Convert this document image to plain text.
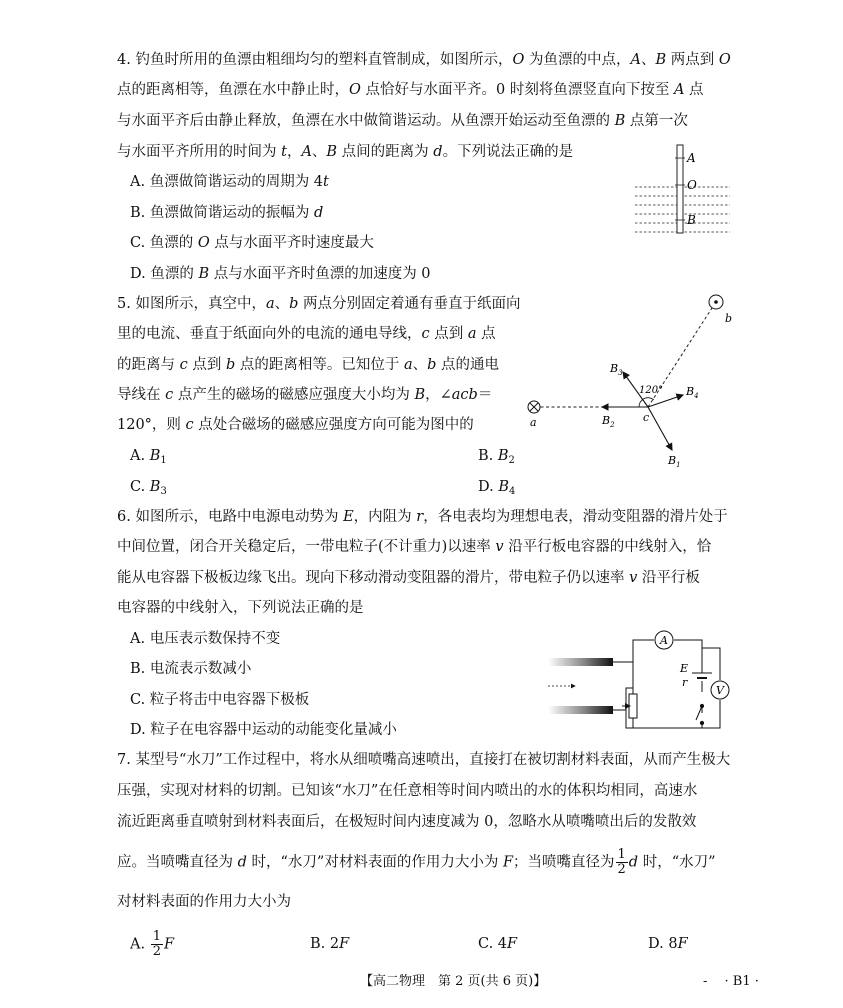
4. 钓鱼时所用的鱼漂由粗细均匀的塑料直管制成，如图所示，O 为鱼漂的中点，A、B 两点到 O
点的距离相等，鱼漂在水中静止时，O 点恰好与水面平齐。0 时刻将鱼漂竖直向下按至 A 点
与水面平齐后由静止释放，鱼漂在水中做简谐运动。从鱼漂开始运动至鱼漂的 B 点第一次
与水面平齐所用的时间为 t，A、B 点间的距离为 d。下列说法正确的是
A. 鱼漂做简谐运动的周期为 4t
B. 鱼漂做简谐运动的振幅为 d
C. 鱼漂的 O 点与水面平齐时速度最大
D. 鱼漂的 B 点与水面平齐时鱼漂的加速度为 0
A
O
B
5. 如图所示，真空中，a、b 两点分别固定着通有垂直于纸面向
里的电流、垂直于纸面向外的电流的通电导线，c 点到 a 点
的距离与 c 点到 b 点的距离相等。已知位于 a、b 点的通电
导线在 c 点产生的磁场的磁感应强度大小均为 B，∠acb＝
120°，则 c 点处合磁场的磁感应强度方向可能为图中的
A. $B_1$	B. $B_2$
C. $B_3$	D. $B_4$
a
b
c
120°
$B_1$
$B_2$
$B_3$
$B_4$
6. 如图所示，电路中电源电动势为 E，内阻为 r，各电表均为理想电表，滑动变阻器的滑片处于
中间位置，闭合开关稳定后，一带电粒子(不计重力)以速率 v 沿平行板电容器的中线射入，恰
能从电容器下极板边缘飞出。现向下移动滑动变阻器的滑片，带电粒子仍以速率 v 沿平行板
电容器的中线射入，下列说法正确的是
A. 电压表示数保持不变
B. 电流表示数减小
C. 粒子将击中电容器下极板
D. 粒子在电容器中运动的动能变化量减小
A
V
E
r
7. 某型号“水刀”工作过程中，将水从细喷嘴高速喷出，直接打在被切割材料表面，从而产生极大
压强，实现对材料的切割。已知该“水刀”在任意相等时间内喷出的水的体积均相同，高速水
流近距离垂直喷射到材料表面后，在极短时间内速度减为 0，忽略水从喷嘴喷出后的发散效
应。当喷嘴直径为 d 时，“水刀”对材料表面的作用力大小为 F；当喷嘴直径为 $\frac{1}{2}$ d 时，“水刀”
对材料表面的作用力大小为
A. $\frac{1}{2}$ F	B. 2F	C. 4F	D. 8F
【高二物理　第 2 页(共 6 页)】	-　 · B1 ·
